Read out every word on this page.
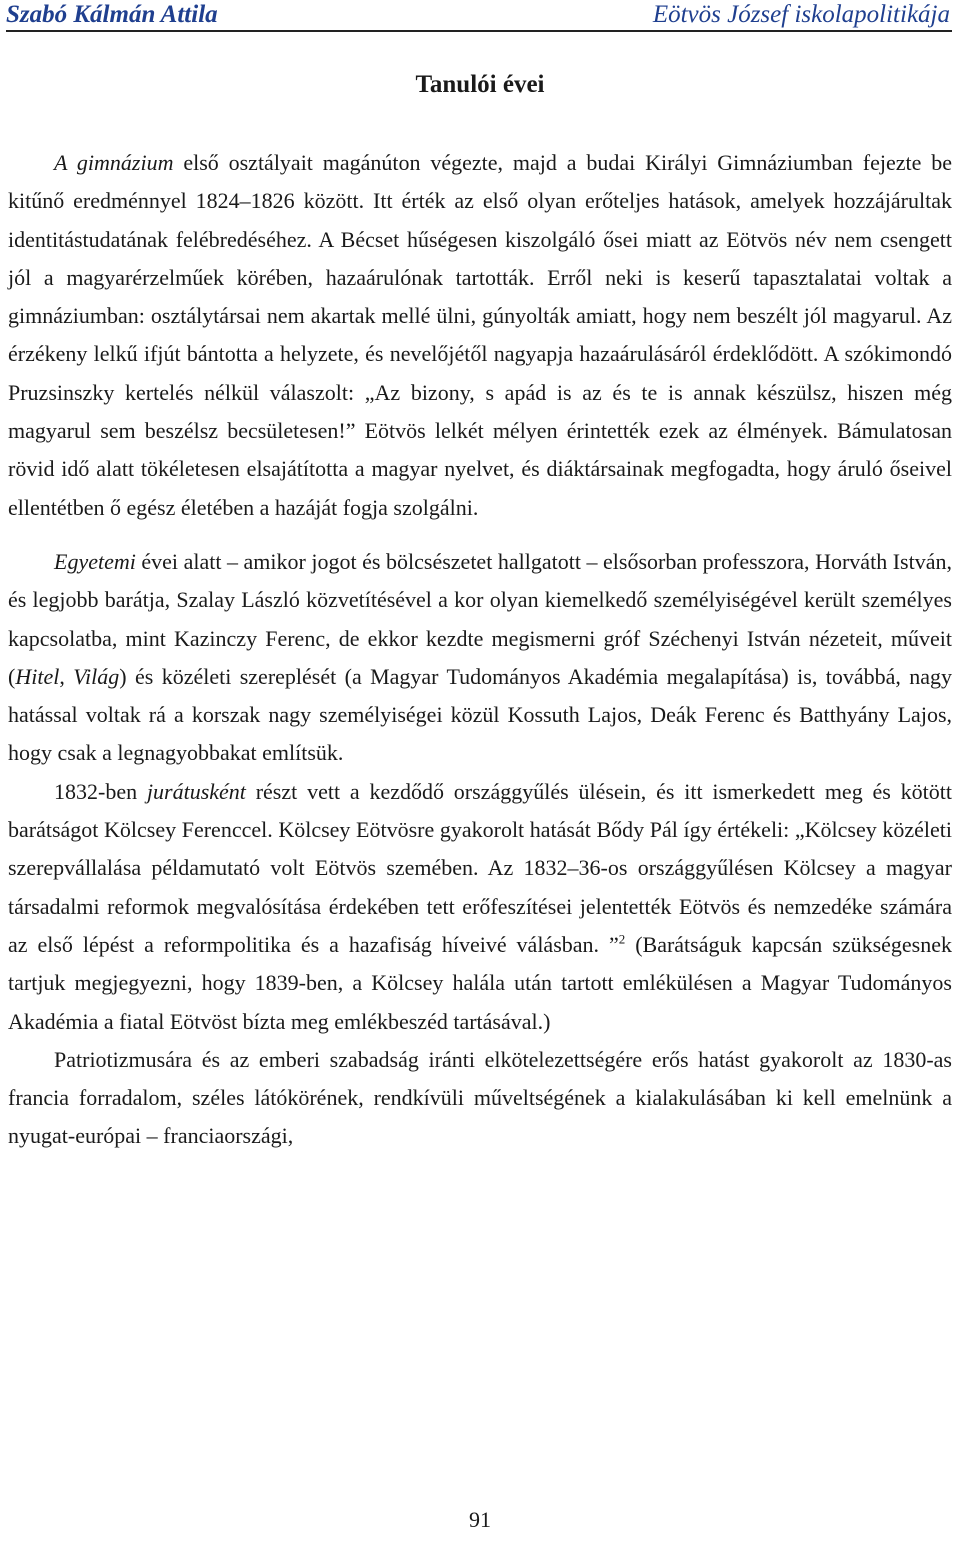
Szabó Kálmán Attila	Eötvös József iskolapolitikája
Tanulói évei

A gimnázium első osztályait magánúton végezte, majd a budai Királyi Gimnáziumban fejezte be kitűnő eredménnyel 1824–1826 között. Itt érték az első olyan erőteljes hatások, amelyek hozzájárultak identitástudatának felébredéséhez. A Bécset hűségesen kiszolgáló ősei miatt az Eötvös név nem csengett jól a magyarérzelműek körében, hazaárulónak tartották. Erről neki is keserű tapasztalatai voltak a gimnáziumban: osztálytársai nem akartak mellé ülni, gúnyolták amiatt, hogy nem beszélt jól magyarul. Az érzékeny lelkű ifjút bántotta a helyzete, és nevelőjétől nagyapja hazaárulásáról érdeklődött. A szókimondó Pruzsinszky kertelés nélkül válaszolt: „Az bizony, s apád is az és te is annak készülsz, hiszen még magyarul sem beszélsz becsületesen!” Eötvös lelkét mélyen érintették ezek az élmények. Bámulatosan rövid idő alatt tökéletesen elsajátította a magyar nyelvet, és diáktársainak megfogadta, hogy áruló őseivel ellentétben ő egész életében a hazáját fogja szolgálni.

Egyetemi évei alatt – amikor jogot és bölcsészetet hallgatott – elsősorban professzora, Horváth István, és legjobb barátja, Szalay László közvetítésével a kor olyan kiemelkedő személyiségével került személyes kapcsolatba, mint Kazinczy Ferenc, de ekkor kezdte megismerni gróf Széchenyi István nézeteit, műveit (Hitel, Világ) és közéleti szereplését (a Magyar Tudományos Akadémia megalapítása) is, továbbá, nagy hatással voltak rá a korszak nagy személyiségei közül Kossuth Lajos, Deák Ferenc és Batthyány Lajos, hogy csak a legnagyobbakat említsük.

1832-ben jurátusként részt vett a kezdődő országgyűlés ülésein, és itt ismerkedett meg és kötött barátságot Kölcsey Ferenccel. Kölcsey Eötvösre gyakorolt hatását Bődy Pál így értékeli: „Kölcsey közéleti szerepvállalása példamutató volt Eötvös szemében. Az 1832–36-os országgyűlésen Kölcsey a magyar társadalmi reformok megvalósítása érdekében tett erőfeszítései jelentették Eötvös és nemzedéke számára az első lépést a reformpolitika és a hazafiság híveivé válásban. ”$^2$ (Barátságuk kapcsán szükségesnek tartjuk megjegyezni, hogy 1839-ben, a Kölcsey halála után tartott emlékülésen a Magyar Tudományos Akadémia a fiatal Eötvöst bízta meg emlékbeszéd tartásával.)

Patriotizmusára és az emberi szabadság iránti elkötelezettségére erős hatást gyakorolt az 1830-as francia forradalom, széles látókörének, rendkívüli műveltségének a kialakulásában ki kell emelnünk a nyugat-európai – franciaországi,

91
